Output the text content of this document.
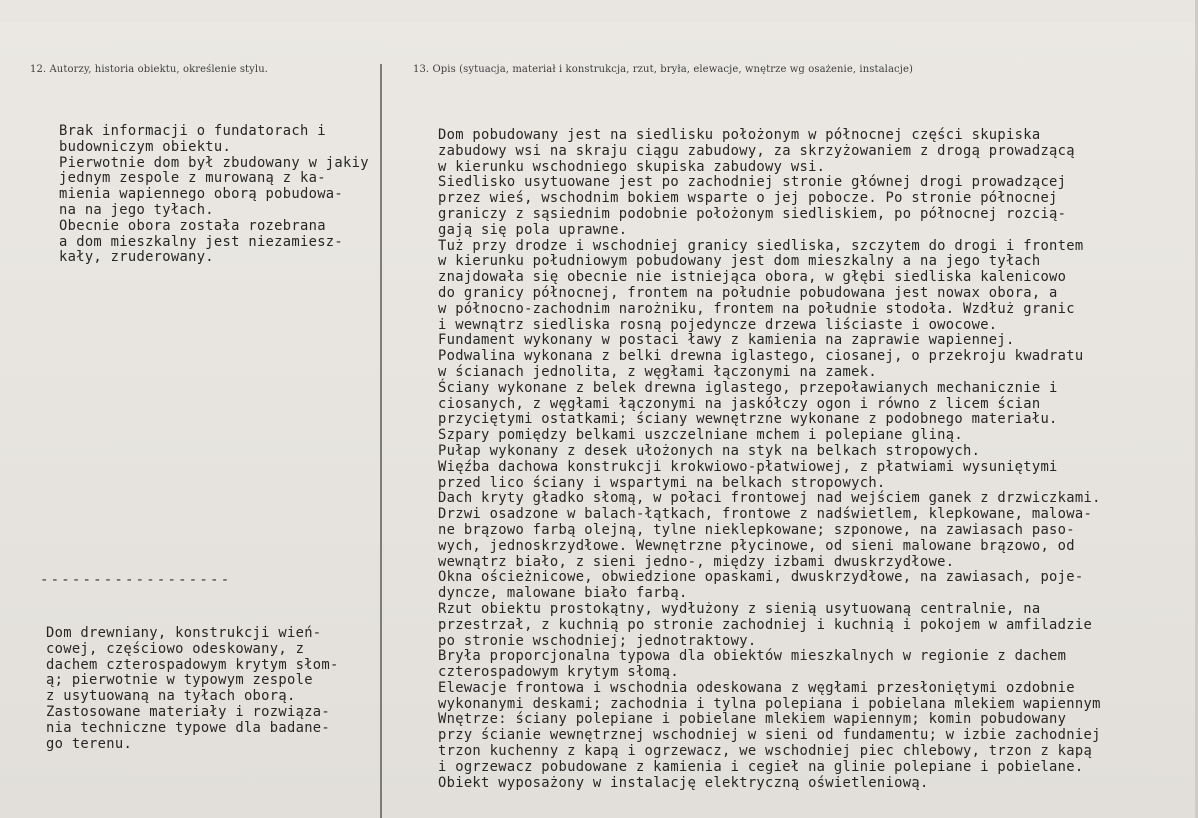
12. Autorzy, historia obiektu, określenie stylu.	13. Opis (sytuacja, materiał i konstrukcja, rzut, bryła, elewacje, wnętrze wg osażenie, instalacje)
Brak informacji o fundatorach i
budowniczym obiektu.
Pierwotnie dom był zbudowany w jakiy
jednym zespole z murowaną z ka-
mienia wapiennego oborą pobudowa-
na na jego tyłach.
Obecnie obora została rozebrana
a dom mieszkalny jest niezamiesz-
kały, zruderowany.
------------------
Dom drewniany, konstrukcji wień-
cowej, częściowo odeskowany, z
dachem czterospadowym krytym słom-
ą; pierwotnie w typowym zespole
z usytuowaną na tyłach oborą.
Zastosowane materiały i rozwiąza-
nia techniczne typowe dla badane-
go terenu.
Dom pobudowany jest na siedlisku położonym w północnej części skupiska
zabudowy wsi na skraju ciągu zabudowy, za skrzyżowaniem z drogą prowadzącą
w kierunku wschodniego skupiska zabudowy wsi.
Siedlisko usytuowane jest po zachodniej stronie głównej drogi prowadzącej
przez wieś, wschodnim bokiem wsparte o jej pobocze. Po stronie północnej
graniczy z sąsiednim podobnie położonym siedliskiem, po północnej rozcią-
gają się pola uprawne.
Tuż przy drodze i wschodniej granicy siedliska, szczytem do drogi i frontem
w kierunku południowym pobudowany jest dom mieszkalny a na jego tyłach
znajdowała się obecnie nie istniejąca obora, w głębi siedliska kalenicowo
do granicy północnej, frontem na południe pobudowana jest nowax obora, a
w północno-zachodnim narożniku, frontem na południe stodoła. Wzdłuż granic
i wewnątrz siedliska rosną pojedyncze drzewa liściaste i owocowe.
Fundament wykonany w postaci ławy z kamienia na zaprawie wapiennej.
Podwalina wykonana z belki drewna iglastego, ciosanej, o przekroju kwadratu
w ścianach jednolita, z węgłami łączonymi na zamek.
Ściany wykonane z belek drewna iglastego, przepoławianych mechanicznie i
ciosanych, z węgłami łączonymi na jaskółczy ogon i równo z licem ścian
przyciętymi ostatkami; ściany wewnętrzne wykonane z podobnego materiału.
Szpary pomiędzy belkami uszczelniane mchem i polepiane gliną.
Pułap wykonany z desek ułożonych na styk na belkach stropowych.
Więźba dachowa konstrukcji krokwiowo-płatwiowej, z płatwiami wysuniętymi
przed lico ściany i wspartymi na belkach stropowych.
Dach kryty gładko słomą, w połaci frontowej nad wejściem ganek z drzwiczkami.
Drzwi osadzone w balach-łątkach, frontowe z nadświetlem, klepkowane, malowa-
ne brązowo farbą olejną, tylne nieklepkowane; szponowe, na zawiasach paso-
wych, jednoskrzydłowe. Wewnętrzne płycinowe, od sieni malowane brązowo, od
wewnątrz biało, z sieni jedno-, między izbami dwuskrzydłowe.
Okna ościeżnicowe, obwiedzione opaskami, dwuskrzydłowe, na zawiasach, poje-
dyncze, malowane biało farbą.
Rzut obiektu prostokątny, wydłużony z sienią usytuowaną centralnie, na
przestrzał, z kuchnią po stronie zachodniej i kuchnią i pokojem w amfiladzie
po stronie wschodniej; jednotraktowy.
Bryła proporcjonalna typowa dla obiektów mieszkalnych w regionie z dachem
czterospadowym krytym słomą.
Elewacje frontowa i wschodnia odeskowana z węgłami przesłoniętymi ozdobnie
wykonanymi deskami; zachodnia i tylna polepiana i pobielana mlekiem wapiennym
Wnętrze: ściany polepiane i pobielane mlekiem wapiennym; komin pobudowany
przy ścianie wewnętrznej wschodniej w sieni od fundamentu; w izbie zachodniej
trzon kuchenny z kapą i ogrzewacz, we wschodniej piec chlebowy, trzon z kapą
i ogrzewacz pobudowane z kamienia i cegieł na glinie polepiane i pobielane.
Obiekt wyposażony w instalację elektryczną oświetleniową.
